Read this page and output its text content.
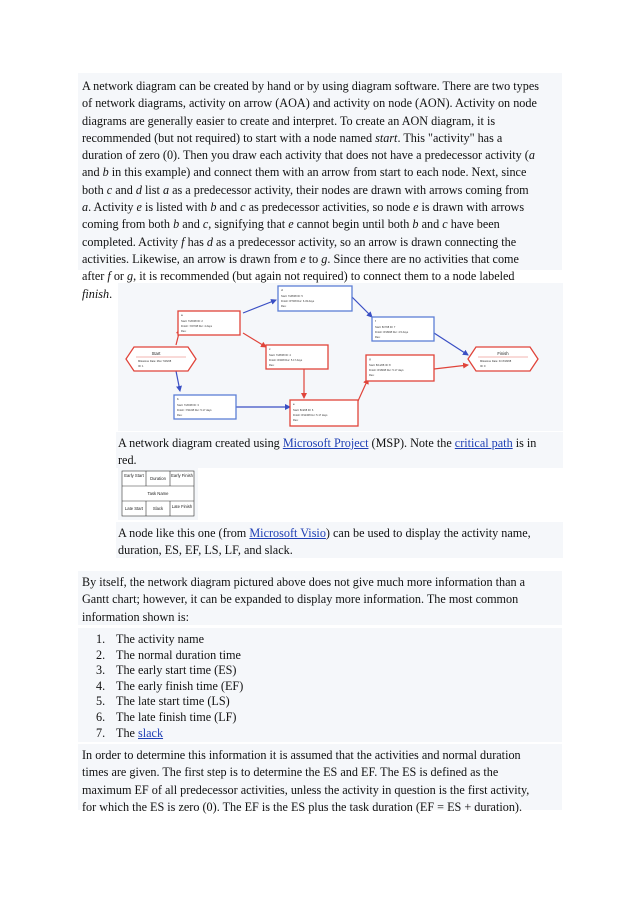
A network diagram can be created by hand or by using diagram software. There are two types
of network diagrams, activity on arrow (AOA) and activity on node (AON). Activity on node
diagrams are generally easier to create and interpret. To create an AON diagram, it is
recommended (but not required) to start with a node named start. This "activity" has a
duration of zero (0). Then you draw each activity that does not have a predecessor activity (a
and b in this example) and connect them with an arrow from start to each node. Next, since
both c and d list a as a predecessor activity, their nodes are drawn with arrows coming from
a. Activity e is listed with b and c as predecessor activities, so node e is drawn with arrows
coming from both b and c, signifying that e cannot begin until both b and c have been
completed. Activity f has d as a predecessor activity, so an arrow is drawn connecting the
activities. Likewise, an arrow is drawn from e to g. Since there are no activities that come
after f or g, it is recommended (but again not required) to connect them to a node labeled
finish.
Start
Milestone Date: Mon 7/26/08
ID: 1
a
Start: 7/26/08 ID: 2
Finish: 7/27/08 Dur: 4 days
Res:
b
Start: 7/26/08 ID: 3
Finish: 7/31/08 Dur: 5.17 days
Res:
c
Start: 7/28/08 ID: 4
Finish: 8/4/08 Dur: 5.17 days
Res:
d
Start: 7/28/08 ID: 5
Finish: 8/7/08 Dur: 6.33 days
Res:
e
Start: 8/4/08 ID: 6
Finish: 8/11/08 Dur: 5.17 days
Res:
f
Start: 8/7/08 ID: 7
Finish: 8/18/08 Dur: 4.5 days
Res:
g
Start: 8/11/08 ID: 8
Finish: 8/18/08 Dur: 5.17 days
Res:
Finish
Milestone Date: Fri 8/18/08
ID: 9
A network diagram created using Microsoft Project (MSP). Note the critical path is in
red.
Early Start
Duration
Early Finish
Task Name
Late Start Slack Late Finish
A node like this one (from Microsoft Visio) can be used to display the activity name,
duration, ES, EF, LS, LF, and slack.
By itself, the network diagram pictured above does not give much more information than a
Gantt chart; however, it can be expanded to display more information. The most common
information shown is:
1. The activity name
2. The normal duration time
3. The early start time (ES)
4. The early finish time (EF)
5. The late start time (LS)
6. The late finish time (LF)
7. The slack
In order to determine this information it is assumed that the activities and normal duration
times are given. The first step is to determine the ES and EF. The ES is defined as the
maximum EF of all predecessor activities, unless the activity in question is the first activity,
for which the ES is zero (0). The EF is the ES plus the task duration (EF = ES + duration).
